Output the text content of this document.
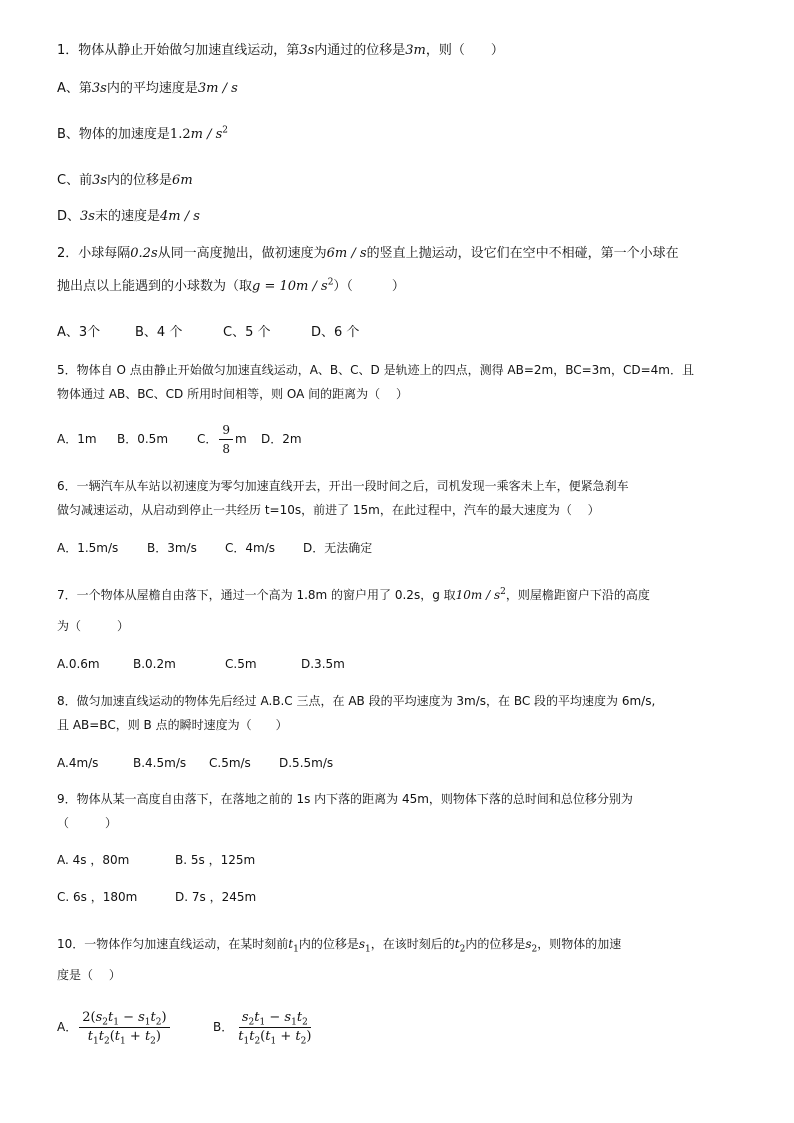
1．物体从静止开始做匀加速直线运动，第3s内通过的位移是3m，则（　　）
A、第3s内的平均速度是3m / s
B、物体的加速度是$1.2m / s^2$
C、前3s内的位移是6m
D、3s末的速度是4m / s
2．小球每隔0.2s从同一高度抛出，做初速度为6m / s的竖直上抛运动，设它们在空中不相碰，第一个小球在
抛出点以上能遇到的小球数为（取$g = 10m / s^2$）（　　　）
A、3个	B、4 个	C、5 个	D、6 个
5．物体自 O 点由静止开始做匀加速直线运动，A、B、C、D 是轨迹上的四点，测得 AB=2m，BC=3m，CD=4m．且
物体通过 AB、BC、CD 所用时间相等，则 OA 间的距离为（　 ）
A．1m B．0.5m C． $\frac{9}{8}$ m D．2m
6．一辆汽车从车站以初速度为零匀加速直线开去，开出一段时间之后，司机发现一乘客未上车，便紧急刹车
做匀减速运动，从启动到停止一共经历 t=10s，前进了 15m，在此过程中，汽车的最大速度为（　 ）
A．1.5m/s B．3m/s C．4m/s D．无法确定
7．一个物体从屋檐自由落下，通过一个高为 1.8m 的窗户用了 0.2s，g 取$10m / s^2$，则屋檐距窗户下沿的高度
为（　　　）
A.0.6m	B.0.2m	C.5m	D.3.5m
8．做匀加速直线运动的物体先后经过 A.B.C 三点，在 AB 段的平均速度为 3m/s，在 BC 段的平均速度为 6m/s,
且 AB=BC，则 B 点的瞬时速度为（　　）
A.4m/s	B.4.5m/s C.5m/s D.5.5m/s
9．物体从某一高度自由落下，在落地之前的 1s 内下落的距离为 45m，则物体下落的总时间和总位移分别为
（　　　）
A. 4s ，80m	B. 5s ，125m
C. 6s ，180m	D. 7s ，245m
10．一物体作匀加速直线运动，在某时刻前$t_1$内的位移是$s_1$，在该时刻后的$t_2$内的位移是$s_2$，则物体的加速
度是（　 ）
A． $\frac{2(s_2t_1 - s_1t_2)}{t_1t_2(t_1 + t_2)}$	B． $\frac{s_2t_1 - s_1t_2}{t_1t_2(t_1 + t_2)}$
